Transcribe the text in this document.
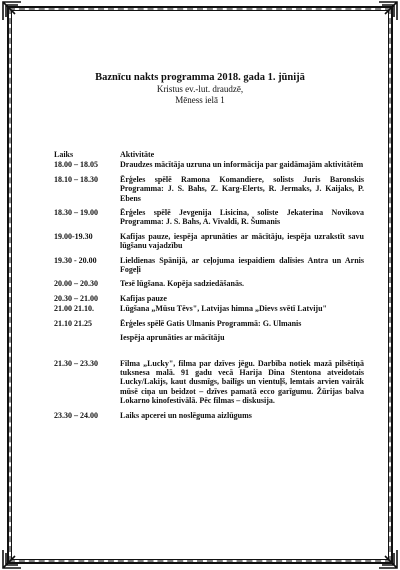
Baznīcu nakts programma 2018. gada 1. jūnijā
Kristus ev.-lut. draudzē,
Mēness ielā 1
Laiks	Aktivitāte
18.00 – 18.05	Draudzes mācītāja uzruna un informācija par gaidāmajām aktivitātēm
18.10 – 18.30	Ērģeles spēlē Ramona Komandiere, solists Juris Baronskis Programma: J. S. Bahs, Z. Karg-Elerts, R. Jermaks, J. Kaijaks, P. Ebens
18.30 – 19.00	Ērģeles spēlē Jevgenija Lisicina, soliste Jekaterina Novikova Programma: J. S. Bahs, A. Vivaldi, R. Šumanis
19.00-19.30	Kafijas pauze, iespēja aprunāties ar mācītāju, iespēja uzrakstīt savu lūgšanu vajadzību
19.30 - 20.00	Lieldienas Spānijā, ar ceļojuma iespaidiem dalīsies Antra un Arnis Fogeļi
20.00 – 20.30	Teзē lūgšana. Kopēja sadziedāšanās.
20.30 – 21.00	Kafijas pauze
21.00 21.10.	Lūgšana „Mūsu Tēvs", Latvijas himna „Dievs svētī Latviju"
21.10 21.25	Ērģeles spēlē Gatis Ulmanis Programmā: G. Ulmanis
Iespēja aprunāties ar mācītāju
21.30 – 23.30	Filma „Lucky", filma par dzīves jēgu. Darbība notiek mazā pilsētiņā tuksnesa malā. 91 gadu vecā Harija Dina Stentona atveidotais Lucky/Lakijs, kaut dusmīgs, bailīgs un vientuļš, lemtais arvien vairāk mūsē ciņa un beidzot – dzīves pamatā ecco garīgumu. Žūrijas balva Lokarno kinofestivālā. Pēc filmas – diskusija.
23.30 – 24.00	Laiks apcerei un noslēguma aizlūgums
